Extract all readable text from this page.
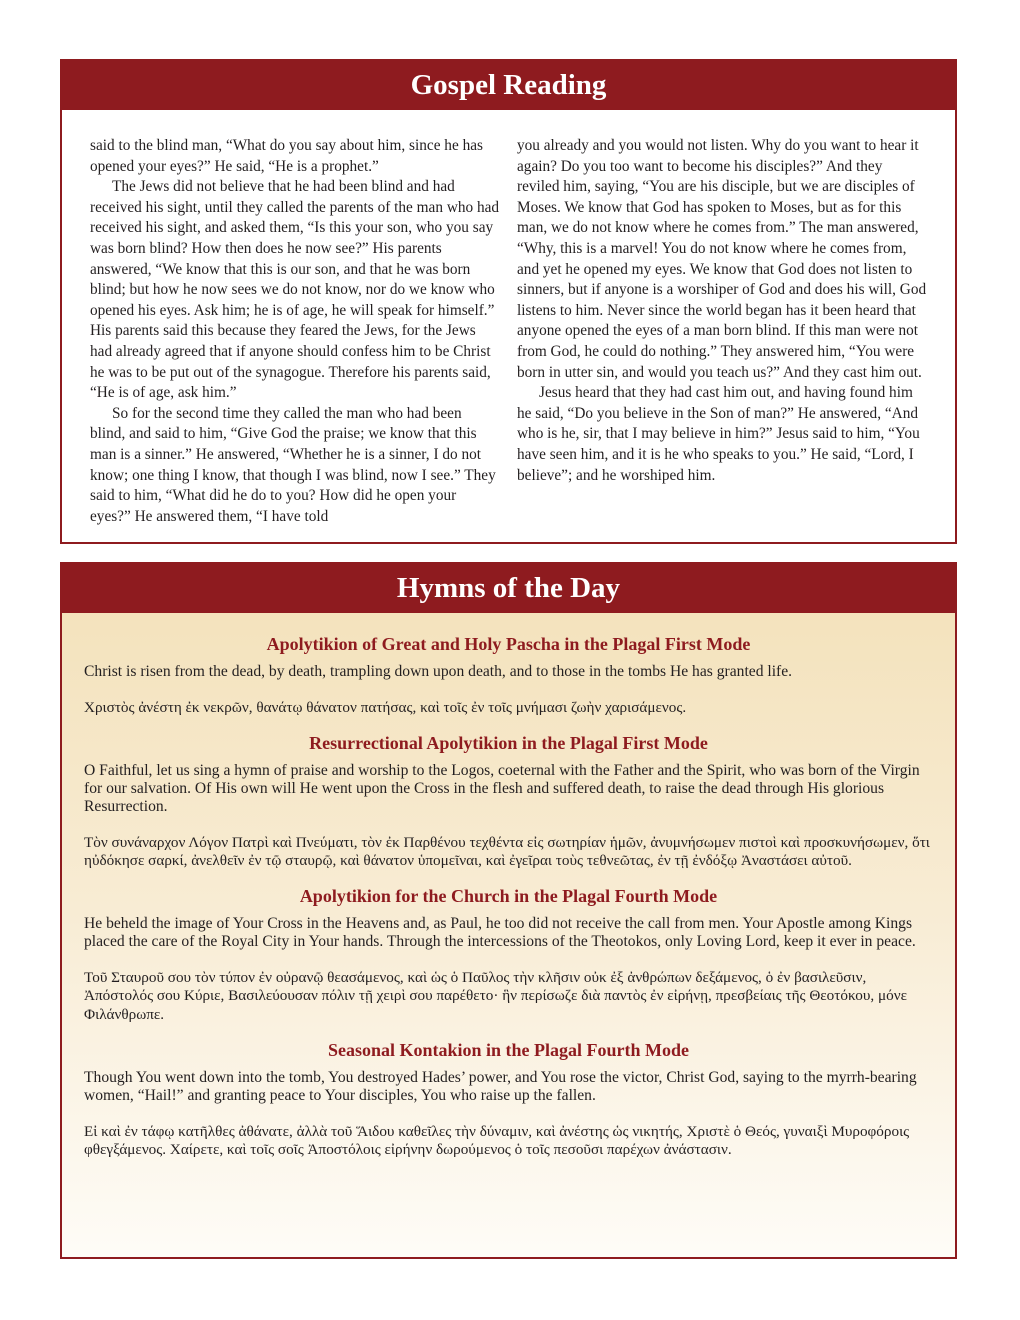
Gospel Reading

said to the blind man, “What do you say about him, since he has opened your eyes?” He said, “He is a prophet.”

The Jews did not believe that he had been blind and had received his sight, until they called the parents of the man who had received his sight, and asked them, “Is this your son, who you say was born blind? How then does he now see?” His parents answered, “We know that this is our son, and that he was born blind; but how he now sees we do not know, nor do we know who opened his eyes. Ask him; he is of age, he will speak for himself.” His parents said this because they feared the Jews, for the Jews had already agreed that if anyone should confess him to be Christ he was to be put out of the synagogue. Therefore his parents said, “He is of age, ask him.”

So for the second time they called the man who had been blind, and said to him, “Give God the praise; we know that this man is a sinner.” He answered, “Whether he is a sinner, I do not know; one thing I know, that though I was blind, now I see.” They said to him, “What did he do to you? How did he open your eyes?” He answered them, “I have told

you already and you would not listen. Why do you want to hear it again? Do you too want to become his disciples?” And they reviled him, saying, “You are his disciple, but we are disciples of Moses. We know that God has spoken to Moses, but as for this man, we do not know where he comes from.” The man answered, “Why, this is a marvel! You do not know where he comes from, and yet he opened my eyes. We know that God does not listen to sinners, but if anyone is a worshiper of God and does his will, God listens to him. Never since the world began has it been heard that anyone opened the eyes of a man born blind. If this man were not from God, he could do nothing.” They answered him, “You were born in utter sin, and would you teach us?” And they cast him out.

Jesus heard that they had cast him out, and having found him he said, “Do you believe in the Son of man?” He answered, “And who is he, sir, that I may believe in him?” Jesus said to him, “You have seen him, and it is he who speaks to you.” He said, “Lord, I believe”; and he worshiped him.

Hymns of the Day
Apolytikion of Great and Holy Pascha in the Plagal First Mode

Christ is risen from the dead, by death, trampling down upon death, and to those in the tombs He has granted life.

Χριστὸς ἀνέστη ἐκ νεκρῶν, θανάτῳ θάνατον πατήσας, καὶ τοῖς ἐν τοῖς μνήμασι ζωὴν χαρισάμενος.

Resurrectional Apolytikion in the Plagal First Mode

O Faithful, let us sing a hymn of praise and worship to the Logos, coeternal with the Father and the Spirit, who was born of the Virgin for our salvation. Of His own will He went upon the Cross in the flesh and suffered death, to raise the dead through His glorious Resurrection.

Τὸν συνάναρχον Λόγον Πατρὶ καὶ Πνεύματι, τὸν ἐκ Παρθένου τεχθέντα εἰς σωτηρίαν ἡμῶν, ἀνυμνήσωμεν πιστοὶ καὶ προσκυνήσωμεν, ὅτι ηὐδόκησε σαρκί, ἀνελθεῖν ἐν τῷ σταυρῷ, καὶ θάνατον ὑπομεῖναι, καὶ ἐγεῖραι τοὺς τεθνεῶτας, ἐν τῇ ἐνδόξῳ Ἀναστάσει αὐτοῦ.

Apolytikion for the Church in the Plagal Fourth Mode

He beheld the image of Your Cross in the Heavens and, as Paul, he too did not receive the call from men. Your Apostle among Kings placed the care of the Royal City in Your hands. Through the intercessions of the Theotokos, only Loving Lord, keep it ever in peace.

Τοῦ Σταυροῦ σου τὸν τύπον ἐν οὐρανῷ θεασάμενος, καὶ ὡς ὁ Παῦλος τὴν κλῆσιν οὐκ ἐξ ἀνθρώπων δεξάμενος, ὁ ἐν βασιλεῦσιν, Ἀπόστολός σου Κύριε, Βασιλεύουσαν πόλιν τῇ χειρὶ σου παρέθετο· ἣν περίσωζε διὰ παντὸς ἐν εἰρήνῃ, πρεσβείαις τῆς Θεοτόκου, μόνε Φιλάνθρωπε.

Seasonal Kontakion in the Plagal Fourth Mode

Though You went down into the tomb, You destroyed Hades’ power, and You rose the victor, Christ God, saying to the myrrh-bearing women, “Hail!” and granting peace to Your disciples, You who raise up the fallen.

Εἰ καὶ ἐν τάφῳ κατῆλθες ἀθάνατε, ἀλλὰ τοῦ Ἅιδου καθεῖλες τὴν δύναμιν, καὶ ἀνέστης ὡς νικητής, Χριστὲ ὁ Θεός, γυναιξὶ Μυροφόροις φθεγξάμενος. Χαίρετε, καὶ τοῖς σοῖς Ἀποστόλοις εἰρήνην δωρούμενος ὁ τοῖς πεσοῦσι παρέχων ἀνάστασιν.
